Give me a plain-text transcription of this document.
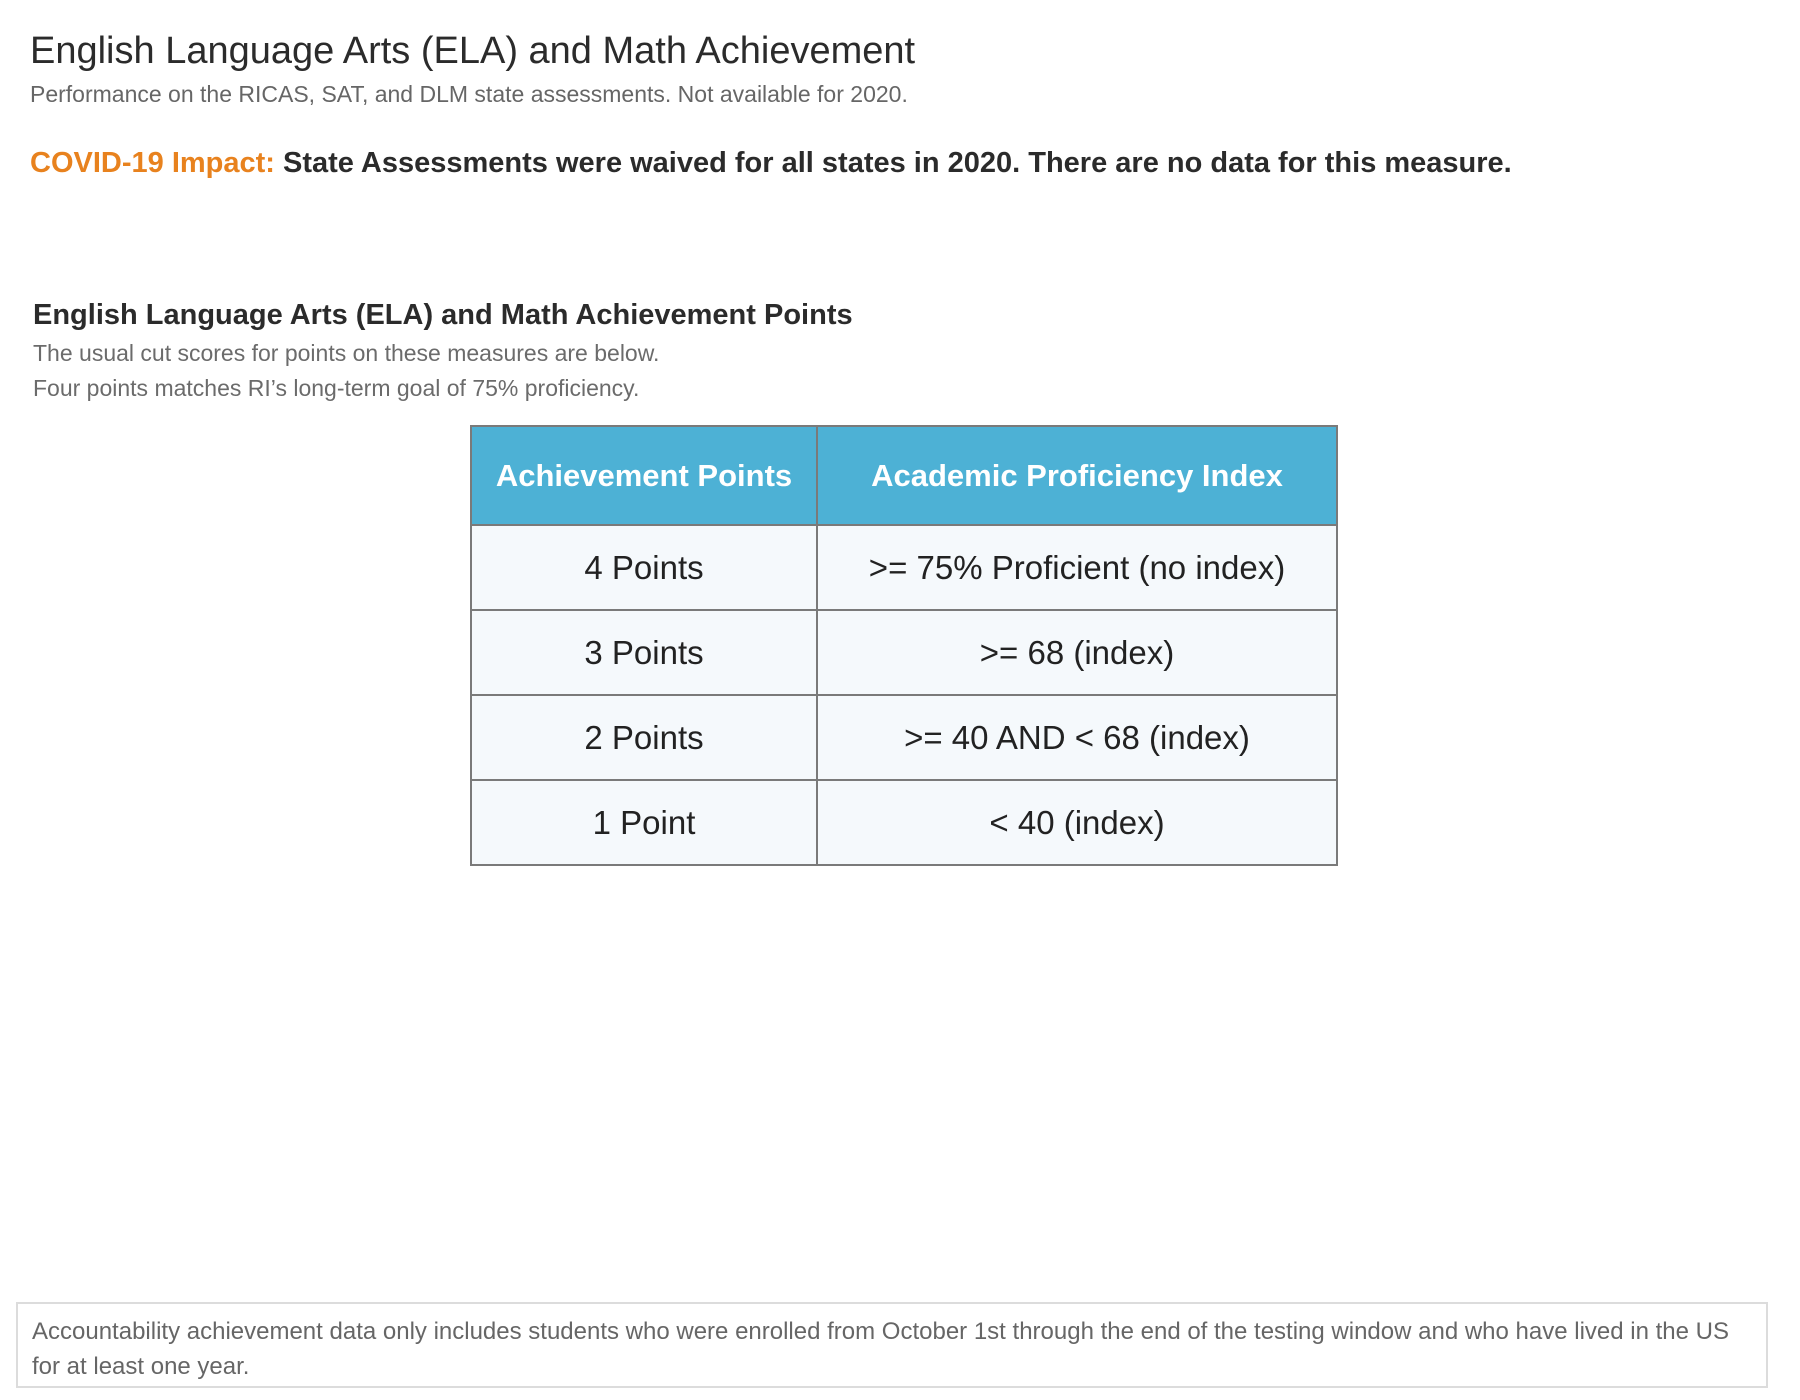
English Language Arts (ELA) and Math Achievement
Performance on the RICAS, SAT, and DLM state assessments. Not available for 2020.
COVID-19 Impact: State Assessments were waived for all states in 2020. There are no data for this measure.
English Language Arts (ELA) and Math Achievement Points
The usual cut scores for points on these measures are below.
Four points matches RI’s long-term goal of 75% proficiency.
Achievement Points	Academic Proficiency Index
4 Points	>= 75% Proficient (no index)
3 Points	>= 68 (index)
2 Points	>= 40 AND < 68 (index)
1 Point	< 40 (index)
Accountability achievement data only includes students who were enrolled from October 1st through the end of the testing window and who have lived in the US for at least one year.
